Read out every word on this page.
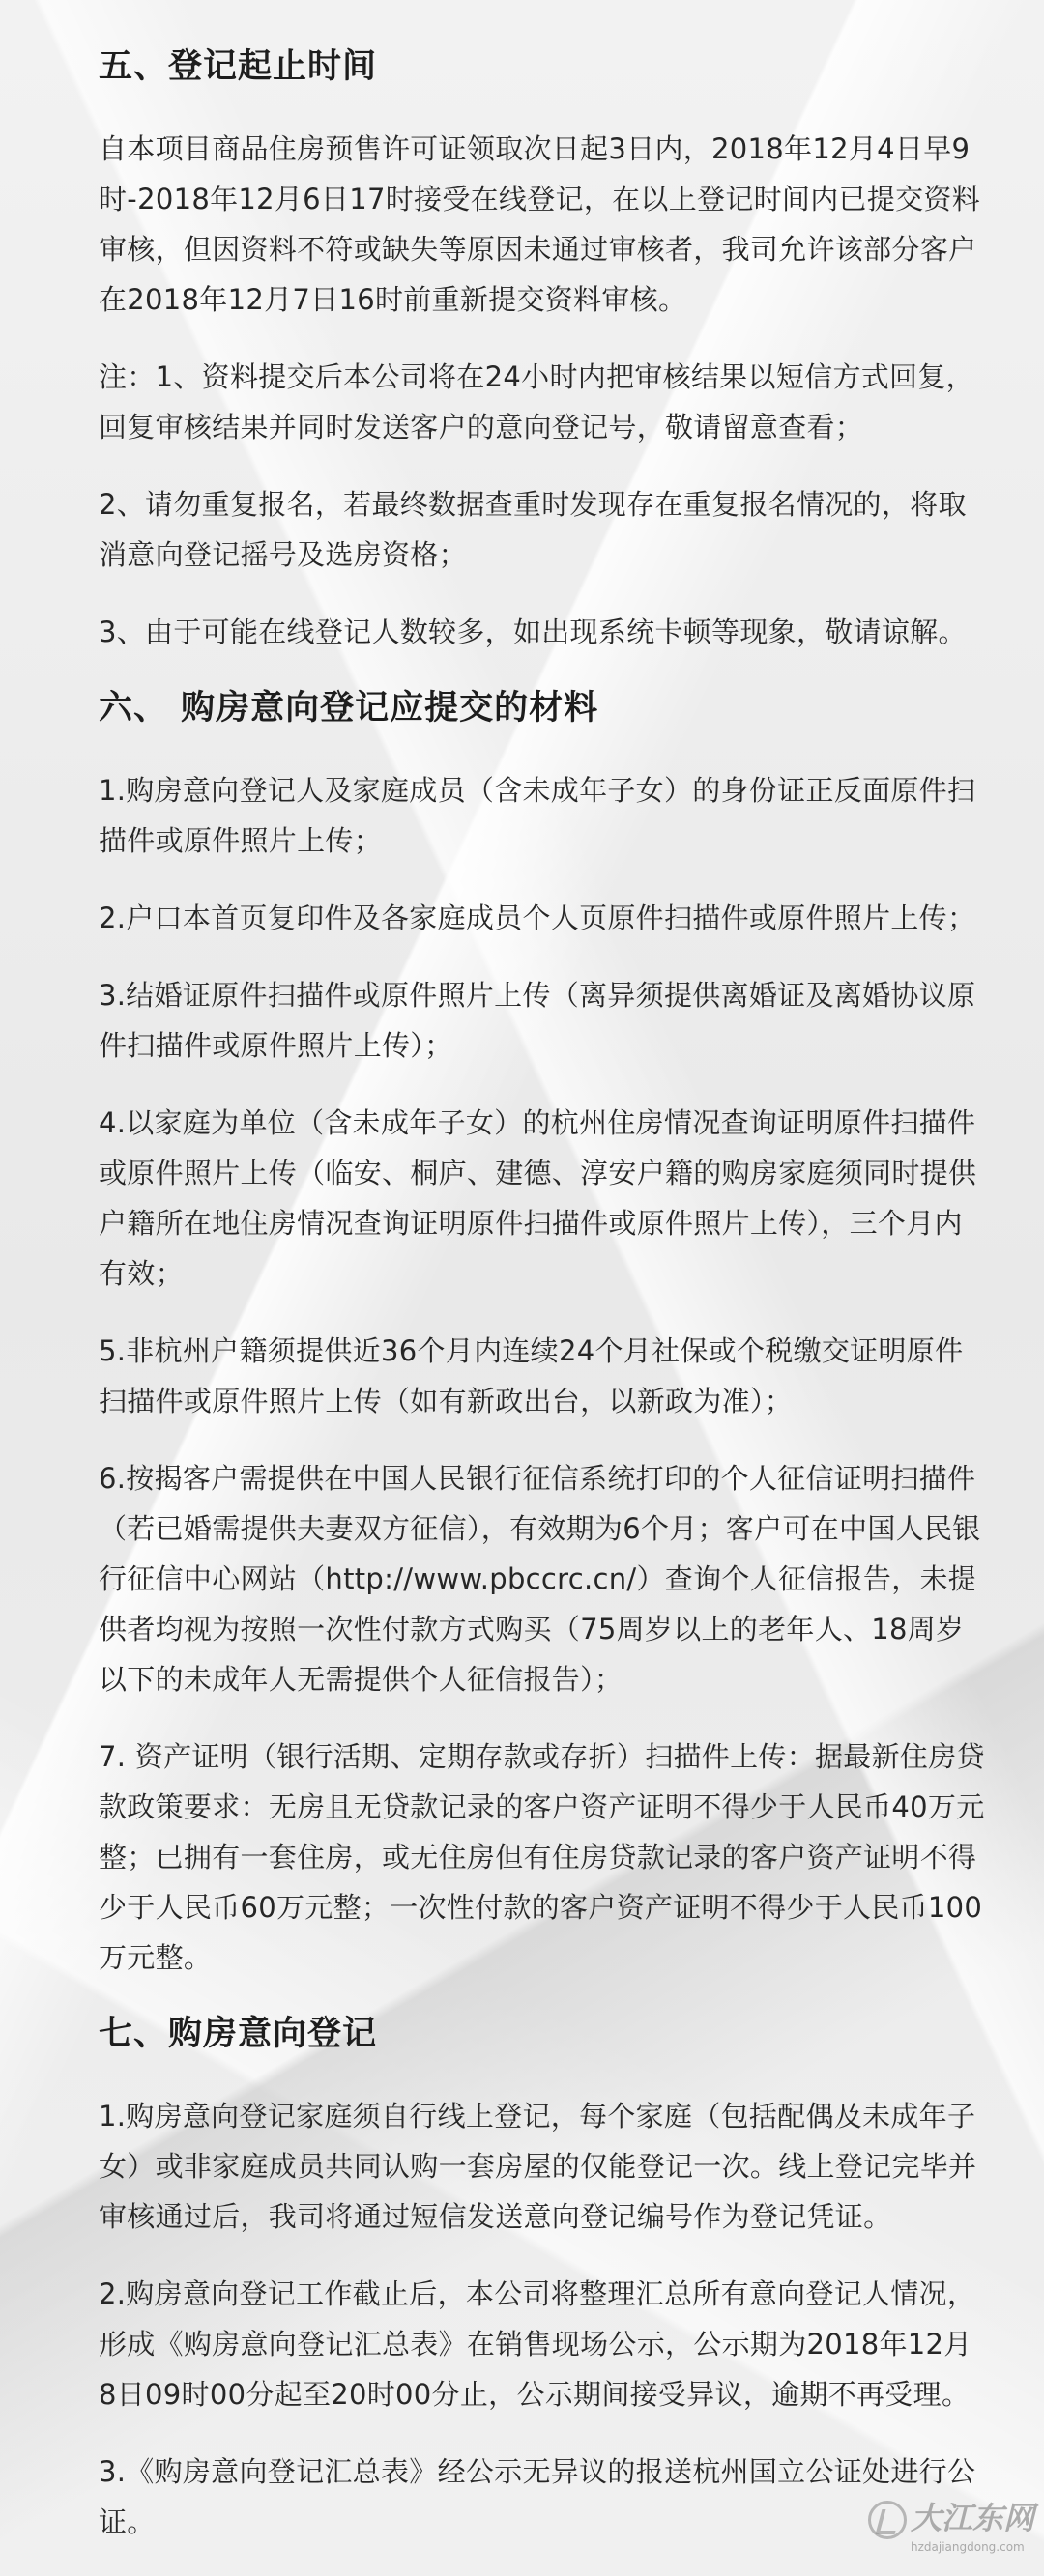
五、登记起止时间

自本项目商品住房预售许可证领取次日起3日内，2018年12月4日早9时-2018年12月6日17时接受在线登记，在以上登记时间内已提交资料审核，但因资料不符或缺失等原因未通过审核者，我司允许该部分客户在2018年12月7日16时前重新提交资料审核。

注：1、资料提交后本公司将在24小时内把审核结果以短信方式回复，回复审核结果并同时发送客户的意向登记号，敬请留意查看；

2、请勿重复报名，若最终数据查重时发现存在重复报名情况的，将取消意向登记摇号及选房资格；

3、由于可能在线登记人数较多，如出现系统卡顿等现象，敬请谅解。

六、 购房意向登记应提交的材料

1.购房意向登记人及家庭成员（含未成年子女）的身份证正反面原件扫描件或原件照片上传；

2.户口本首页复印件及各家庭成员个人页原件扫描件或原件照片上传；

3.结婚证原件扫描件或原件照片上传（离异须提供离婚证及离婚协议原件扫描件或原件照片上传）；

4.以家庭为单位（含未成年子女）的杭州住房情况查询证明原件扫描件或原件照片上传（临安、桐庐、建德、淳安户籍的购房家庭须同时提供户籍所在地住房情况查询证明原件扫描件或原件照片上传），三个月内有效；

5.非杭州户籍须提供近36个月内连续24个月社保或个税缴交证明原件扫描件或原件照片上传（如有新政出台，以新政为准）；

6.按揭客户需提供在中国人民银行征信系统打印的个人征信证明扫描件（若已婚需提供夫妻双方征信），有效期为6个月；客户可在中国人民银行征信中心网站（http://www.pbccrc.cn/）查询个人征信报告，未提供者均视为按照一次性付款方式购买（75周岁以上的老年人、18周岁以下的未成年人无需提供个人征信报告）；

7. 资产证明（银行活期、定期存款或存折）扫描件上传：据最新住房贷款政策要求：无房且无贷款记录的客户资产证明不得少于人民币40万元整；已拥有一套住房，或无住房但有住房贷款记录的客户资产证明不得少于人民币60万元整；一次性付款的客户资产证明不得少于人民币100万元整。

七、购房意向登记

1.购房意向登记家庭须自行线上登记，每个家庭（包括配偶及未成年子女）或非家庭成员共同认购一套房屋的仅能登记一次。线上登记完毕并审核通过后，我司将通过短信发送意向登记编号作为登记凭证。

2.购房意向登记工作截止后，本公司将整理汇总所有意向登记人情况，形成《购房意向登记汇总表》在销售现场公示，公示期为2018年12月8日09时00分起至20时00分止，公示期间接受异议，逾期不再受理。

3.《购房意向登记汇总表》经公示无异议的报送杭州国立公证处进行公证。	大江东网
hzdajiangdong.com
